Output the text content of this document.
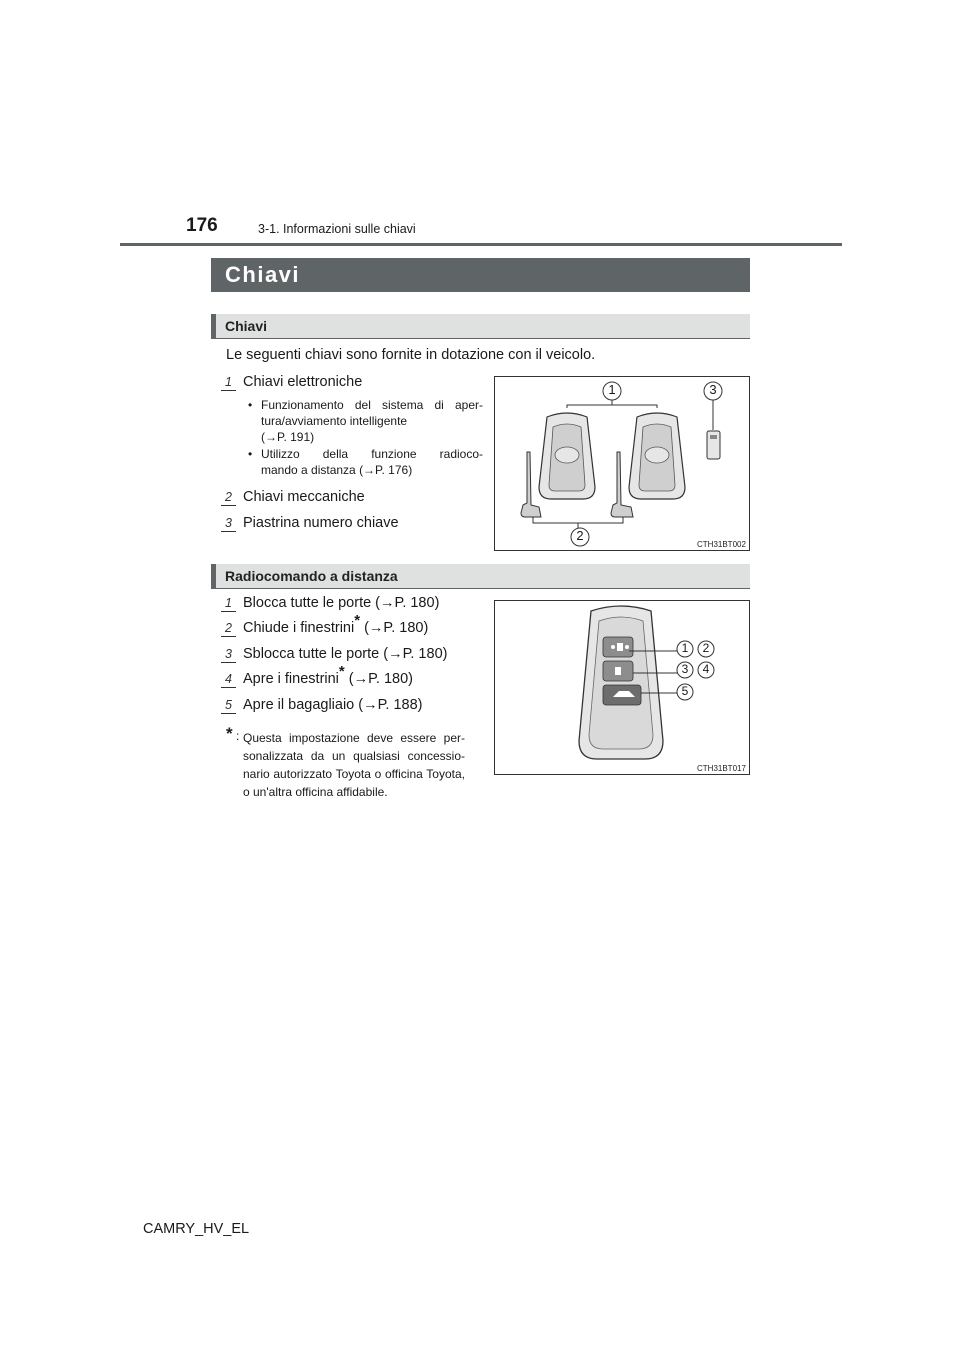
176	3-1. Informazioni sulle chiavi
Chiavi
Chiavi
Le seguenti chiavi sono fornite in dotazione con il veicolo.
1 Chiavi elettroniche
• Funzionamento del sistema di aper-
tura/avviamento intelligente
(→P. 191)
• Utilizzo della funzione radioco-
mando a distanza (→P. 176)
2 Chiavi meccaniche
3 Piastrina numero chiave
1
2
3
CTH31BT002
Radiocomando a distanza
1 Blocca tutte le porte (→P. 180)
2 Chiude i finestrini* (→P. 180)
3 Sblocca tutte le porte (→P. 180)
4 Apre i finestrini* (→P. 180)
5 Apre il bagagliaio (→P. 188)
* : Questa impostazione deve essere per- sonalizzata da un qualsiasi concessio- nario autorizzato Toyota o officina Toyota, o un'altra officina affidabile.
1 2
3 4
5
CTH31BT017
CAMRY_HV_EL
